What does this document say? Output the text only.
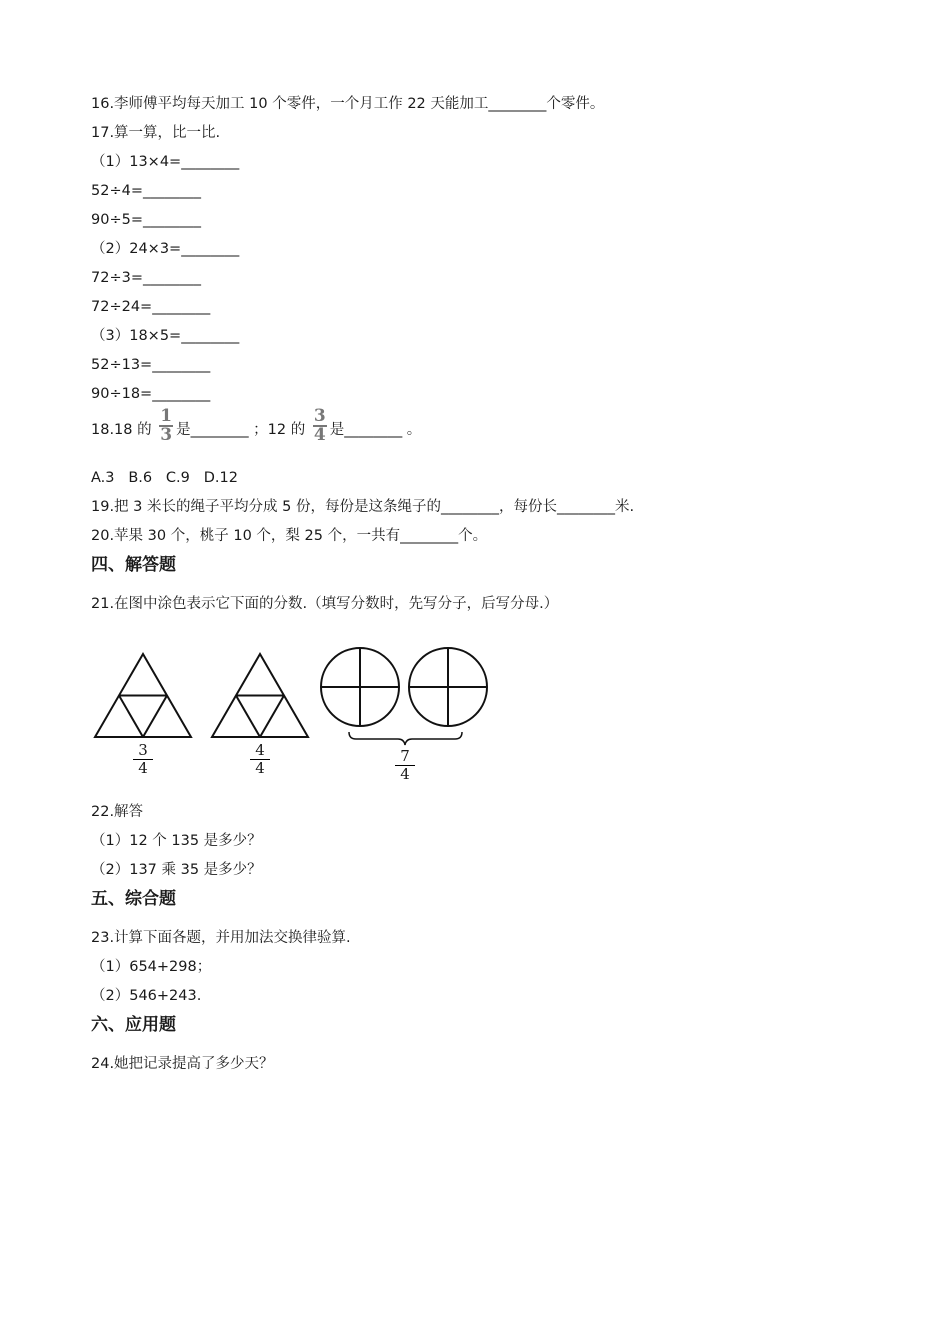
16.李师傅平均每天加工 10 个零件，一个月工作 22 天能加工________个零件。
17.算一算，比一比.
（1）13×4=________
52÷4=________
90÷5=________
（2）24×3=________
72÷3=________
72÷24=________
（3）18×5=________
52÷13=________
90÷18=________
18.18 的 $\frac{1}{3}$ 是________ ；12 的 $\frac{3}{4}$ 是________ 。
A.3   B.6   C.9   D.12
19.把 3 米长的绳子平均分成 5 份，每份是这条绳子的________，每份长________米.
20.苹果 30 个，桃子 10 个，梨 25 个，一共有________个。
四、解答题
21.在图中涂色表示它下面的分数.（填写分数时，先写分子，后写分母.）
$\frac{3}{4}$	$\frac{4}{4}$	$\frac{7}{4}$
22.解答
（1）12 个 135 是多少？
（2）137 乘 35 是多少？
五、综合题
23.计算下面各题，并用加法交换律验算.
（1）654+298；
（2）546+243.
六、应用题
24.她把记录提高了多少天？
